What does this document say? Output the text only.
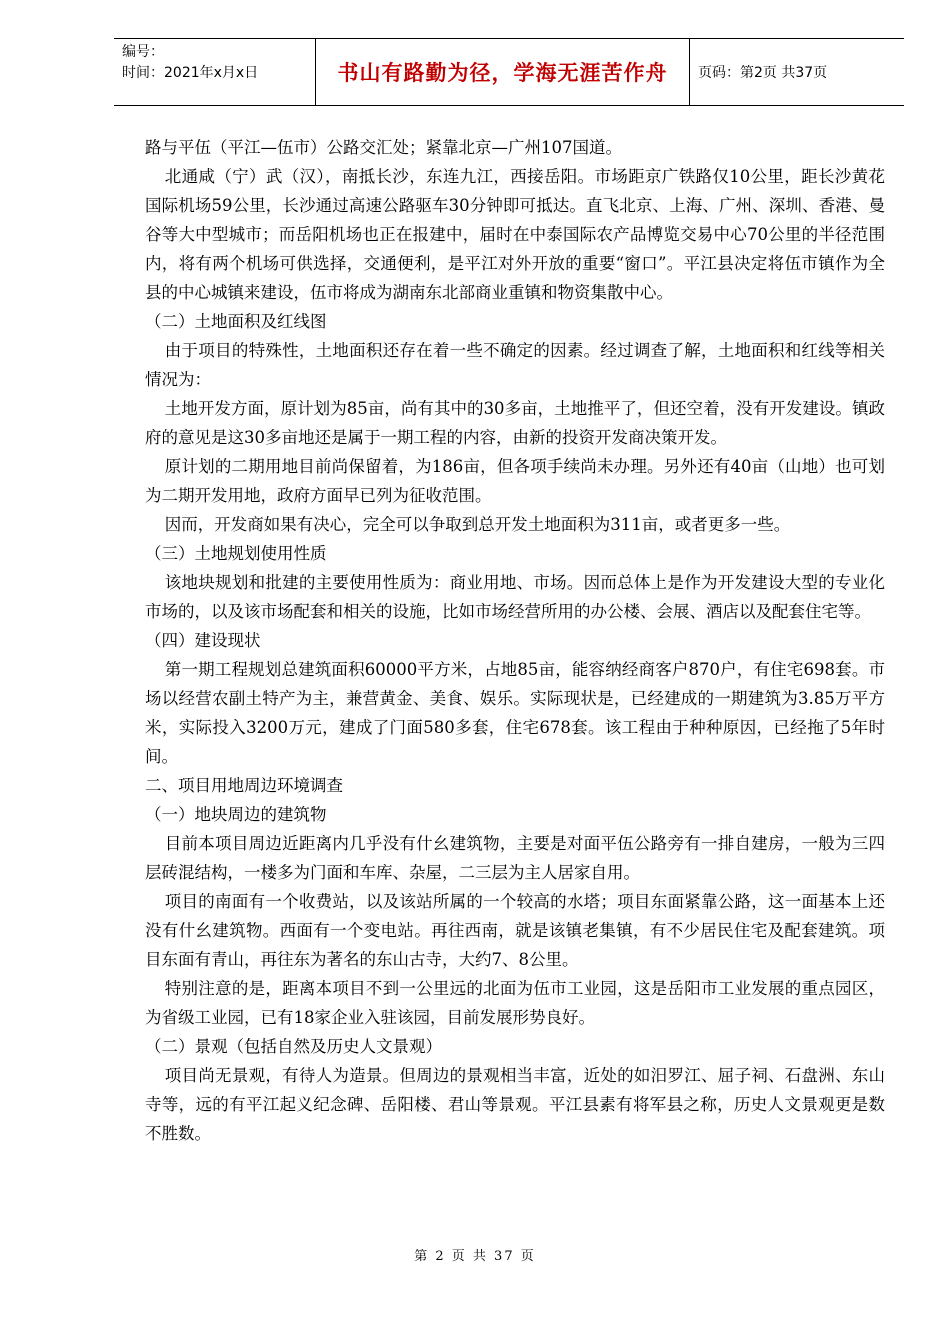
编号：
时间：2021年x月x日	书山有路勤为径，学海无涯苦作舟	页码：第2页 共37页

路与平伍（平江—伍市）公路交汇处；紧靠北京—广州107国道。

北通咸（宁）武（汉），南抵长沙，东连九江，西接岳阳。市场距京广铁路仅10公里，距长沙黄花国际机场59公里，长沙通过高速公路驱车30分钟即可抵达。直飞北京、上海、广州、深圳、香港、曼谷等大中型城市；而岳阳机场也正在报建中，届时在中泰国际农产品博览交易中心70公里的半径范围内，将有两个机场可供选择，交通便利，是平江对外开放的重要“窗口”。平江县决定将伍市镇作为全县的中心城镇来建设，伍市将成为湖南东北部商业重镇和物资集散中心。

（二）土地面积及红线图

由于项目的特殊性，土地面积还存在着一些不确定的因素。经过调查了解，土地面积和红线等相关情况为：

土地开发方面，原计划为85亩，尚有其中的30多亩，土地推平了，但还空着，没有开发建设。镇政府的意见是这30多亩地还是属于一期工程的内容，由新的投资开发商决策开发。

原计划的二期用地目前尚保留着，为186亩，但各项手续尚未办理。另外还有40亩（山地）也可划为二期开发用地，政府方面早已列为征收范围。

因而，开发商如果有决心，完全可以争取到总开发土地面积为311亩，或者更多一些。

（三）土地规划使用性质

该地块规划和批建的主要使用性质为：商业用地、市场。因而总体上是作为开发建设大型的专业化市场的，以及该市场配套和相关的设施，比如市场经营所用的办公楼、会展、酒店以及配套住宅等。

（四）建设现状

第一期工程规划总建筑面积60000平方米，占地85亩，能容纳经商客户870户，有住宅698套。市场以经营农副土特产为主，兼营黄金、美食、娱乐。实际现状是，已经建成的一期建筑为3.85万平方米，实际投入3200万元，建成了门面580多套，住宅678套。该工程由于种种原因，已经拖了5年时间。

二、项目用地周边环境调查

（一）地块周边的建筑物

目前本项目周边近距离内几乎没有什幺建筑物，主要是对面平伍公路旁有一排自建房，一般为三四层砖混结构，一楼多为门面和车库、杂屋，二三层为主人居家自用。

项目的南面有一个收费站，以及该站所属的一个较高的水塔；项目东面紧靠公路，这一面基本上还没有什幺建筑物。西面有一个变电站。再往西南，就是该镇老集镇，有不少居民住宅及配套建筑。项目东面有青山，再往东为著名的东山古寺，大约7、8公里。

特别注意的是，距离本项目不到一公里远的北面为伍市工业园，这是岳阳市工业发展的重点园区，为省级工业园，已有18家企业入驻该园，目前发展形势良好。

（二）景观（包括自然及历史人文景观）

项目尚无景观，有待人为造景。但周边的景观相当丰富，近处的如汨罗江、屈子祠、石盘洲、东山寺等，远的有平江起义纪念碑、岳阳楼、君山等景观。平江县素有将军县之称，历史人文景观更是数不胜数。

第 2 页 共 37 页
